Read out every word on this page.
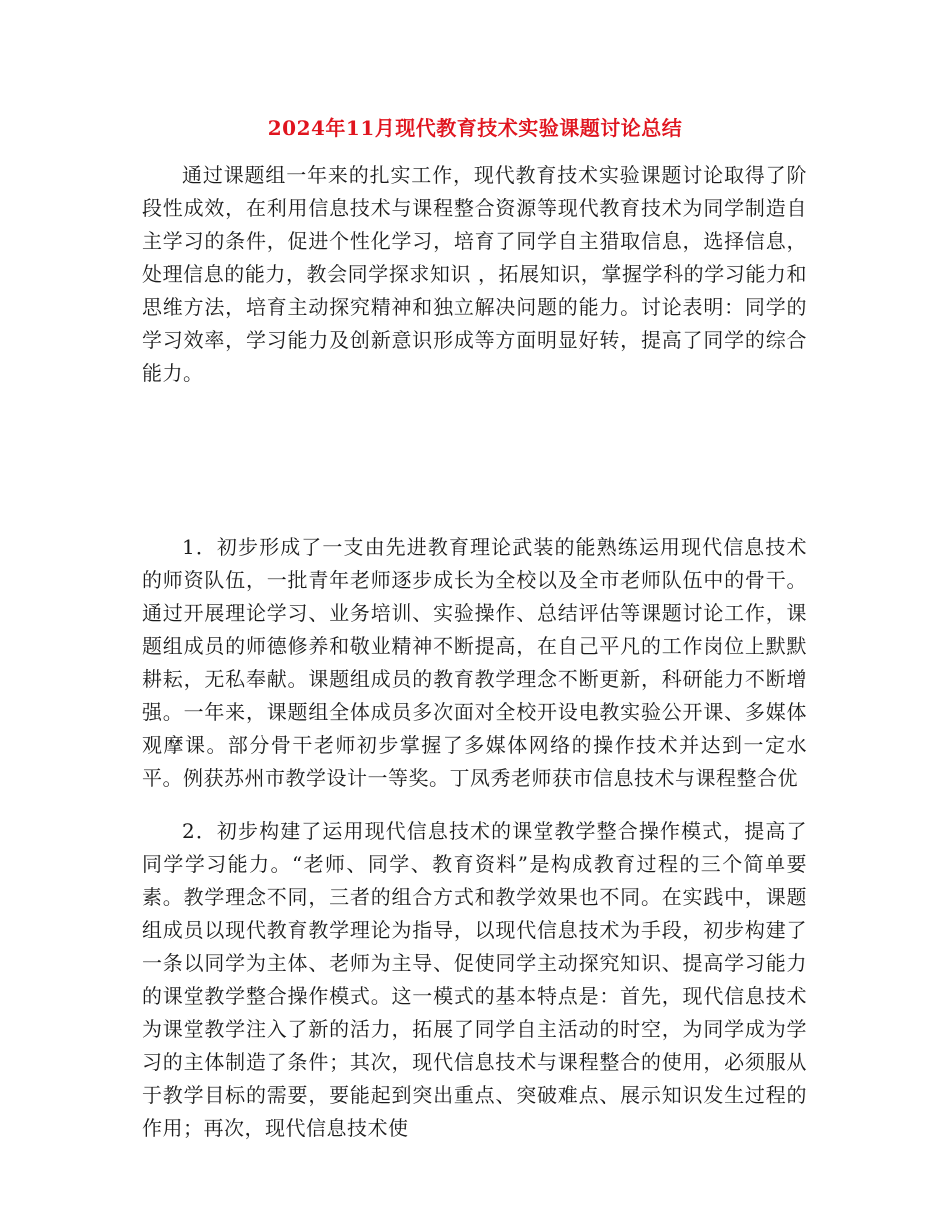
2024年11月现代教育技术实验课题讨论总结

通过课题组一年来的扎实工作，现代教育技术实验课题讨论取得了阶段性成效，在利用信息技术与课程整合资源等现代教育技术为同学制造自主学习的条件，促进个性化学习，培育了同学自主猎取信息，选择信息，处理信息的能力，教会同学探求知识 ，拓展知识，掌握学科的学习能力和思维方法，培育主动探究精神和独立解决问题的能力。讨论表明：同学的学习效率，学习能力及创新意识形成等方面明显好转，提高了同学的综合能力。

1．初步形成了一支由先进教育理论武装的能熟练运用现代信息技术的师资队伍，一批青年老师逐步成长为全校以及全市老师队伍中的骨干。通过开展理论学习、业务培训、实验操作、总结评估等课题讨论工作，课题组成员的师德修养和敬业精神不断提高，在自己平凡的工作岗位上默默耕耘，无私奉献。课题组成员的教育教学理念不断更新，科研能力不断增强。一年来，课题组全体成员多次面对全校开设电教实验公开课、多媒体观摩课。部分骨干老师初步掌握了多媒体网络的操作技术并达到一定水平。例获苏州市教学设计一等奖。丁凤秀老师获市信息技术与课程整合优

2．初步构建了运用现代信息技术的课堂教学整合操作模式，提高了同学学习能力。“老师、同学、教育资料”是构成教育过程的三个简单要素。教学理念不同，三者的组合方式和教学效果也不同。在实践中，课题组成员以现代教育教学理论为指导，以现代信息技术为手段，初步构建了一条以同学为主体、老师为主导、促使同学主动探究知识、提高学习能力的课堂教学整合操作模式。这一模式的基本特点是：首先，现代信息技术为课堂教学注入了新的活力，拓展了同学自主活动的时空，为同学成为学习的主体制造了条件；其次，现代信息技术与课程整合的使用，必须服从于教学目标的需要，要能起到突出重点、突破难点、展示知识发生过程的作用；再次，现代信息技术使
